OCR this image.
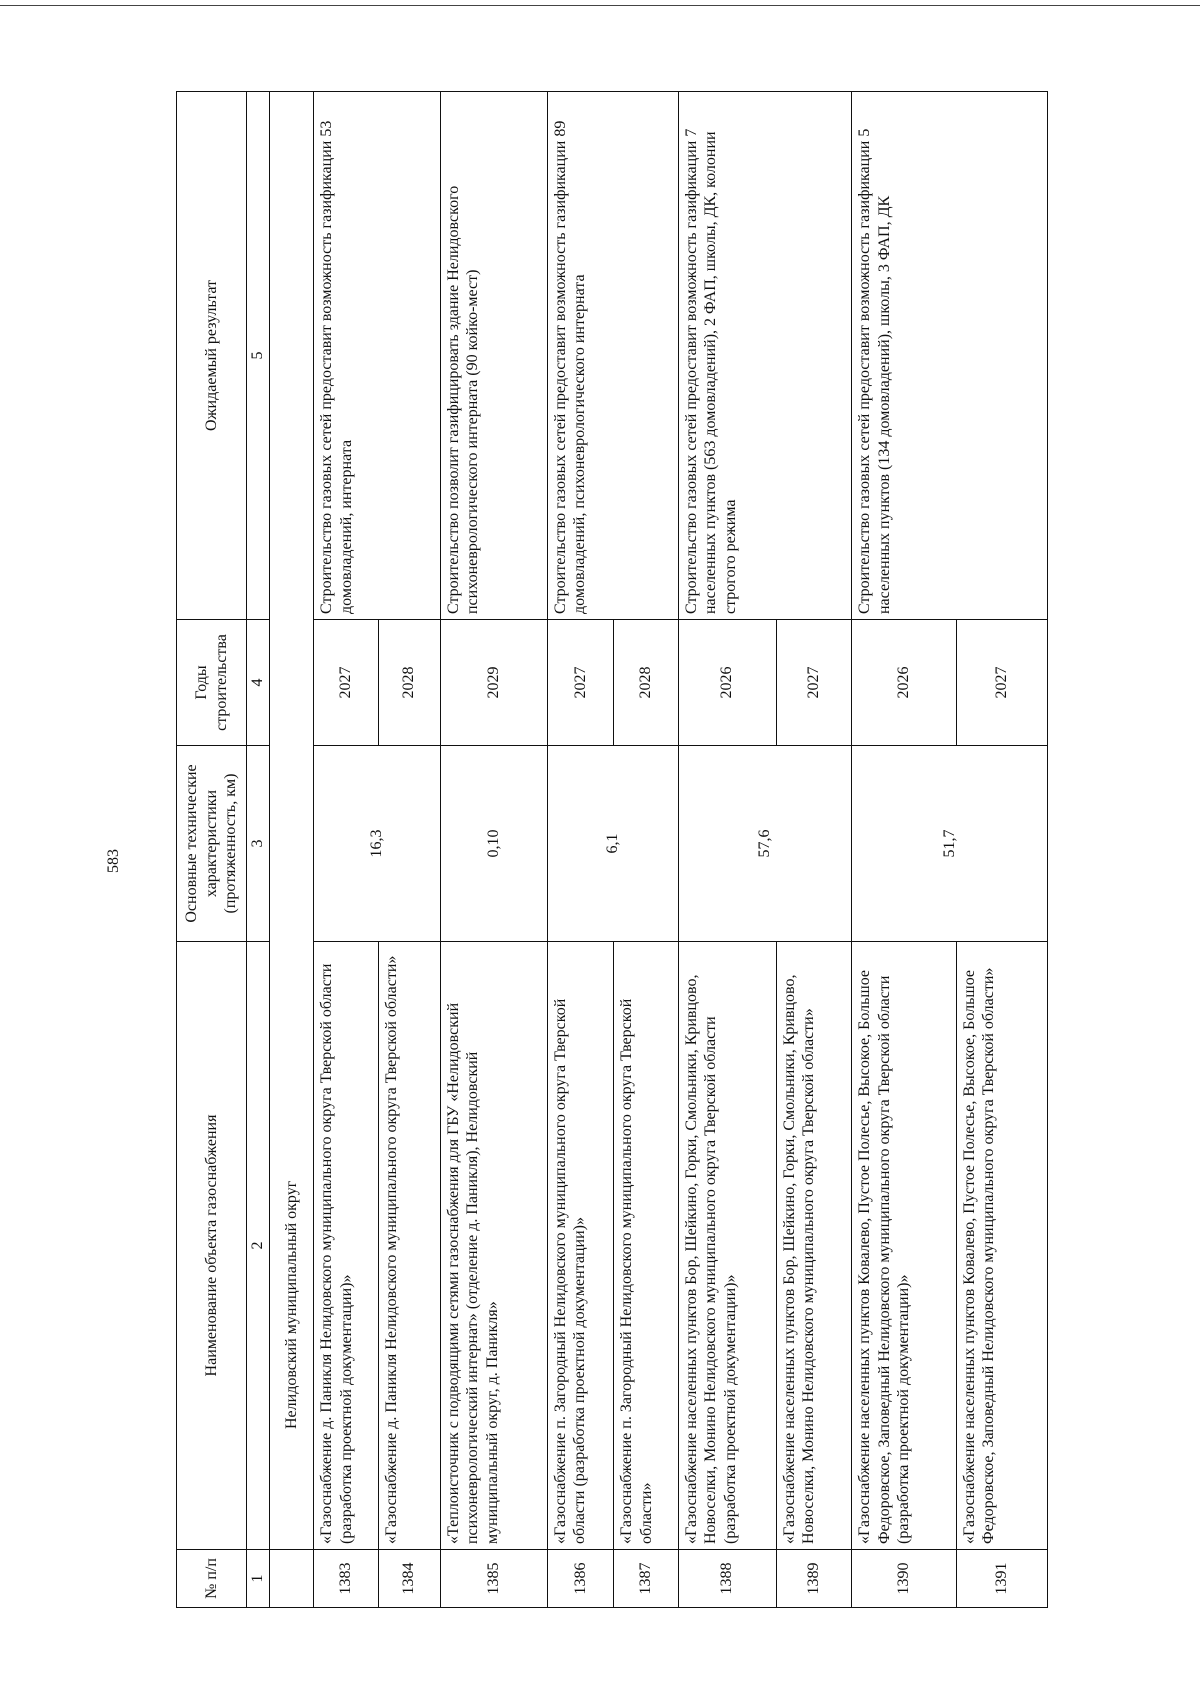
583
№ п/п	Наименование объекта газоснабжения	Основные технические характеристики (протяженность, км)	Годы строительства	Ожидаемый результат
1	2	3	4	5
	Нелидовский муниципальный округ			
1383	«Газоснабжение д. Паникля Нелидовского муниципального округа Тверской области (разработка проектной документации)»	16,3	2027	Строительство газовых сетей предоставит возможность газификации 53 домовладений, интерната
1384	«Газоснабжение д. Паникля Нелидовского муниципального округа Тверской области»		2028	
1385	«Теплоисточник с подводящими сетями газоснабжения для ГБУ «Нелидовский психоневрологический интернат» (отделение д. Паникля), Нелидовский муниципальный округ, д. Паникля»	0,10	2029	Строительство позволит газифицировать здание Нелидовского психоневрологического интерната (90 койко-мест)
1386	«Газоснабжение п. Загородный Нелидовского муниципального округа Тверской области (разработка проектной документации)»	6,1	2027	Строительство газовых сетей предоставит возможность газификации 89 домовладений, психоневрологического интерната
1387	«Газоснабжение п. Загородный Нелидовского муниципального округа Тверской области»		2028	
1388	«Газоснабжение населенных пунктов Бор, Шейкино, Горки, Смольники, Кривцово, Новоселки, Монино Нелидовского муниципального округа Тверской области (разработка проектной документации)»	57,6	2026	Строительство газовых сетей предоставит возможность газификации 7 населенных пунктов (563 домовладений), 2 ФАП, школы, ДК, колонии строгого режима
1389	«Газоснабжение населенных пунктов Бор, Шейкино, Горки, Смольники, Кривцово, Новоселки, Монино Нелидовского муниципального округа Тверской области»		2027	
1390	«Газоснабжение населенных пунктов Ковалево, Пустое Полесье, Высокое, Большое Федоровское, Заповедный Нелидовского муниципального округа Тверской области (разработка проектной документации)»	51,7	2026	Строительство газовых сетей предоставит возможность газификации 5 населенных пунктов (134 домовладений), школы, 3 ФАП, ДК
1391	«Газоснабжение населенных пунктов Ковалево, Пустое Полесье, Высокое, Большое Федоровское, Заповедный Нелидовского муниципального округа Тверской области»		2027	
